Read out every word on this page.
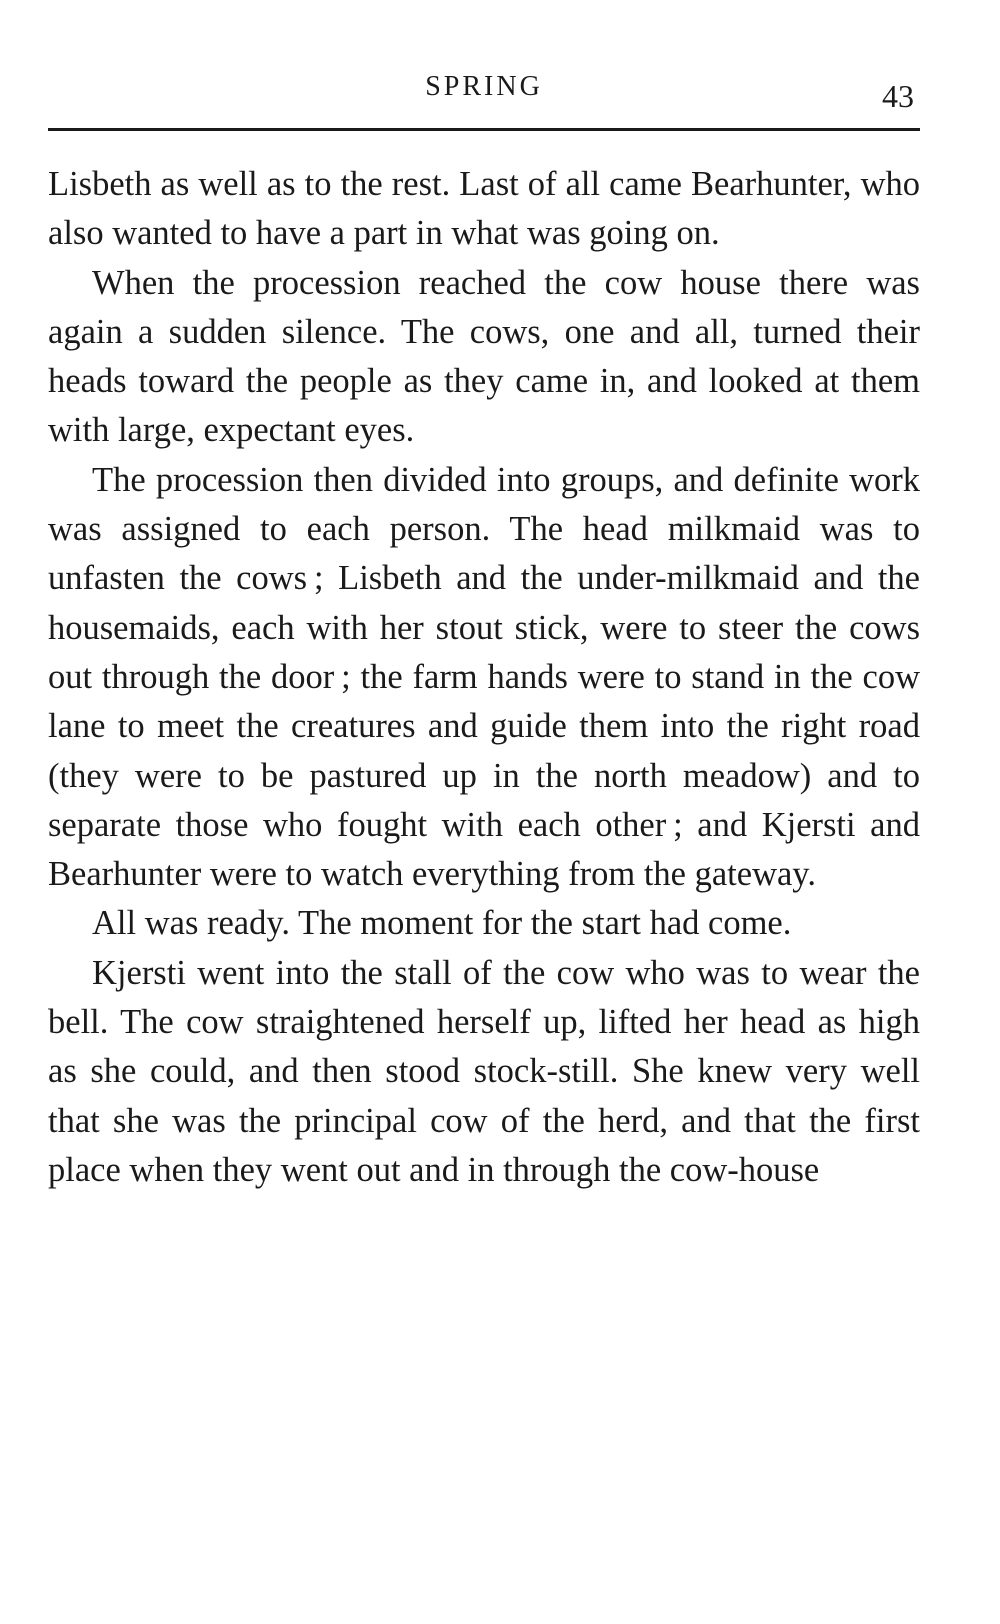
SPRING	43

Lisbeth as well as to the rest. Last of all came Bearhunter, who also wanted to have a part in what was going on.

When the procession reached the cow house there was again a sudden silence. The cows, one and all, turned their heads toward the people as they came in, and looked at them with large, expectant eyes.

The procession then divided into groups, and definite work was assigned to each person. The head milkmaid was to unfasten the cows ; Lisbeth and the under-milkmaid and the housemaids, each with her stout stick, were to steer the cows out through the door ; the farm hands were to stand in the cow lane to meet the creatures and guide them into the right road (they were to be pastured up in the north meadow) and to separate those who fought with each other ; and Kjersti and Bearhunter were to watch everything from the gateway.

All was ready. The moment for the start had come.

Kjersti went into the stall of the cow who was to wear the bell. The cow straightened herself up, lifted her head as high as she could, and then stood stock-still. She knew very well that she was the principal cow of the herd, and that the first place when they went out and in through the cow-house
